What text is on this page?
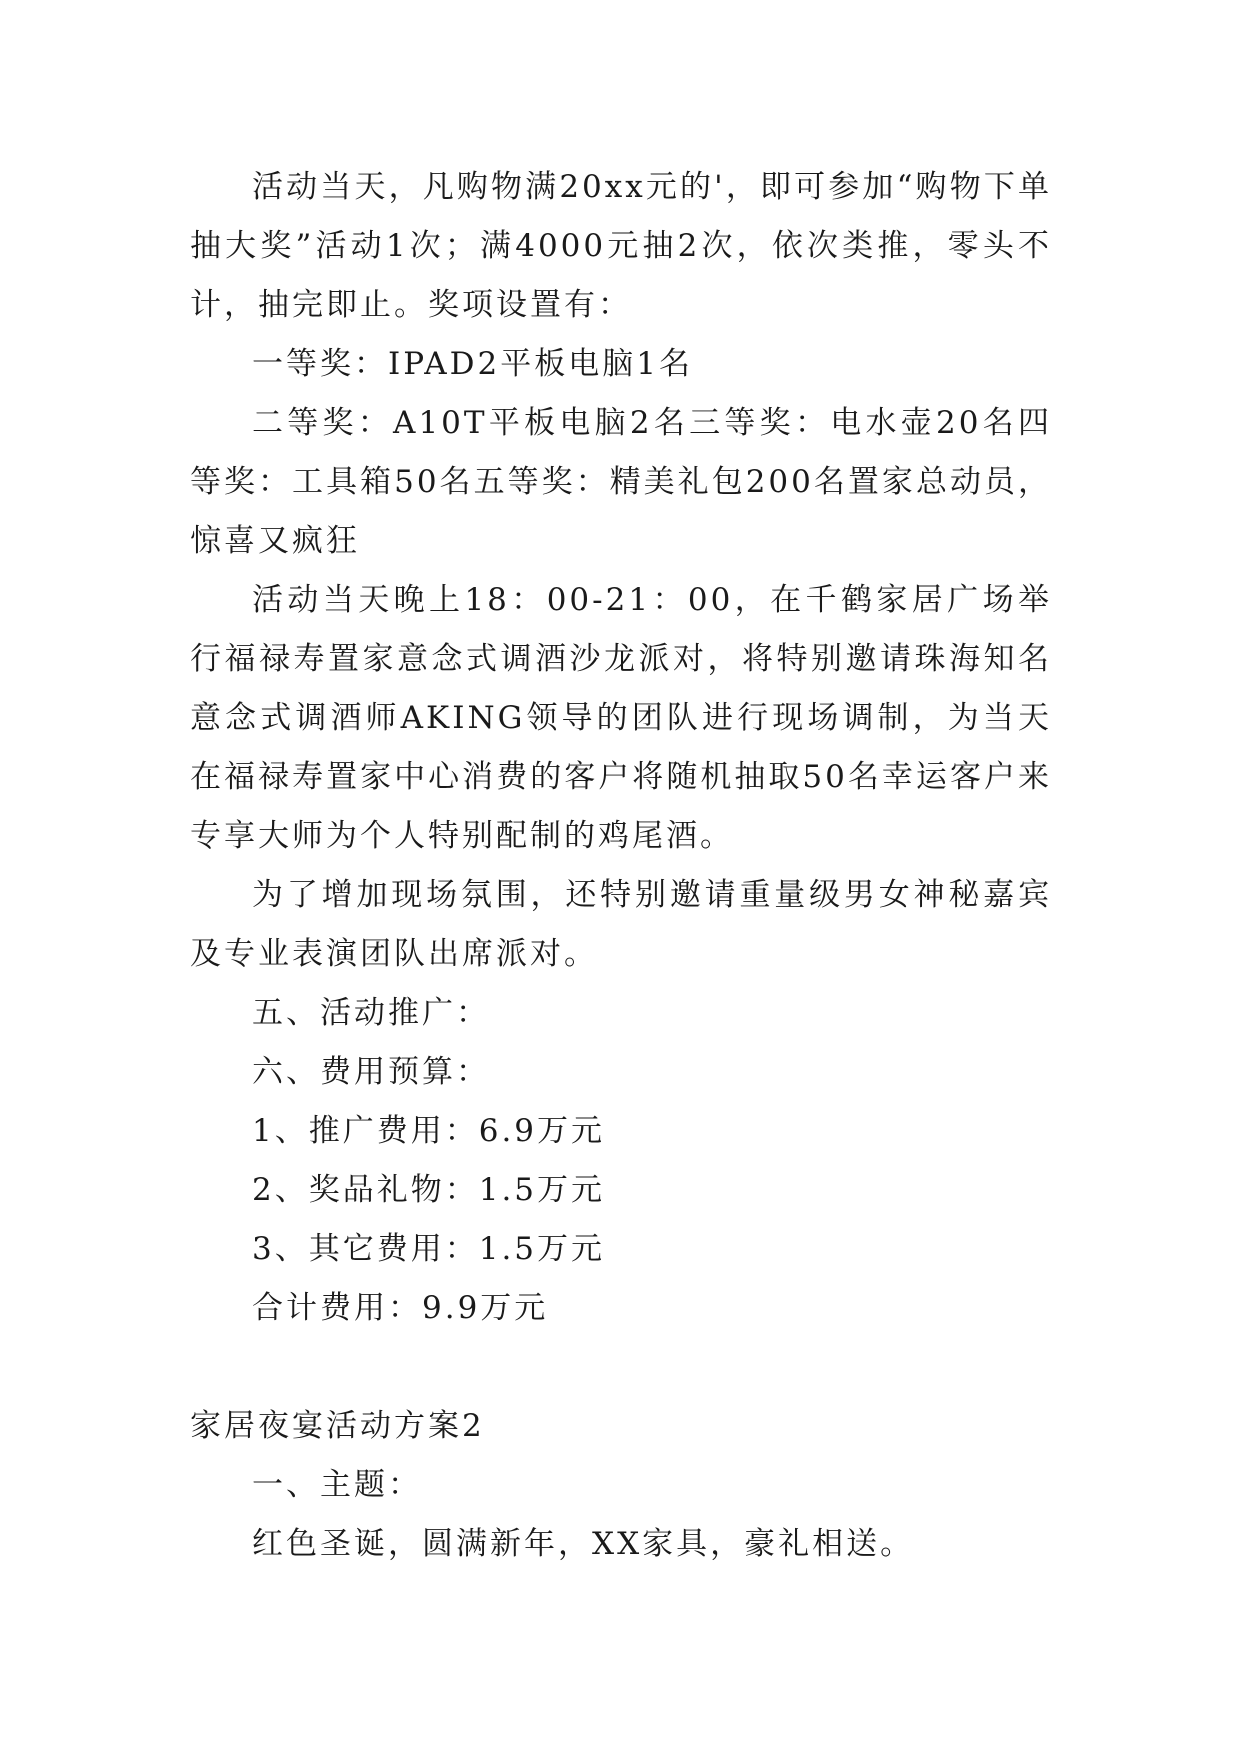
活动当天，凡购物满20xx元的'，即可参加“购物下单抽大奖”活动1次；满4000元抽2次，依次类推，零头不计，抽完即止。奖项设置有：

一等奖：IPAD2平板电脑1名

二等奖：A10T平板电脑2名三等奖：电水壶20名四等奖：工具箱50名五等奖：精美礼包200名置家总动员，惊喜又疯狂

活动当天晚上18：00-21：00，在千鹤家居广场举行福禄寿置家意念式调酒沙龙派对，将特别邀请珠海知名意念式调酒师AKING领导的团队进行现场调制，为当天在福禄寿置家中心消费的客户将随机抽取50名幸运客户来专享大师为个人特别配制的鸡尾酒。

为了增加现场氛围，还特别邀请重量级男女神秘嘉宾及专业表演团队出席派对。

五、活动推广：

六、费用预算：

1、推广费用：6.9万元

2、奖品礼物：1.5万元

3、其它费用：1.5万元

合计费用：9.9万元

家居夜宴活动方案2

一、主题：

红色圣诞，圆满新年，XX家具，豪礼相送。
